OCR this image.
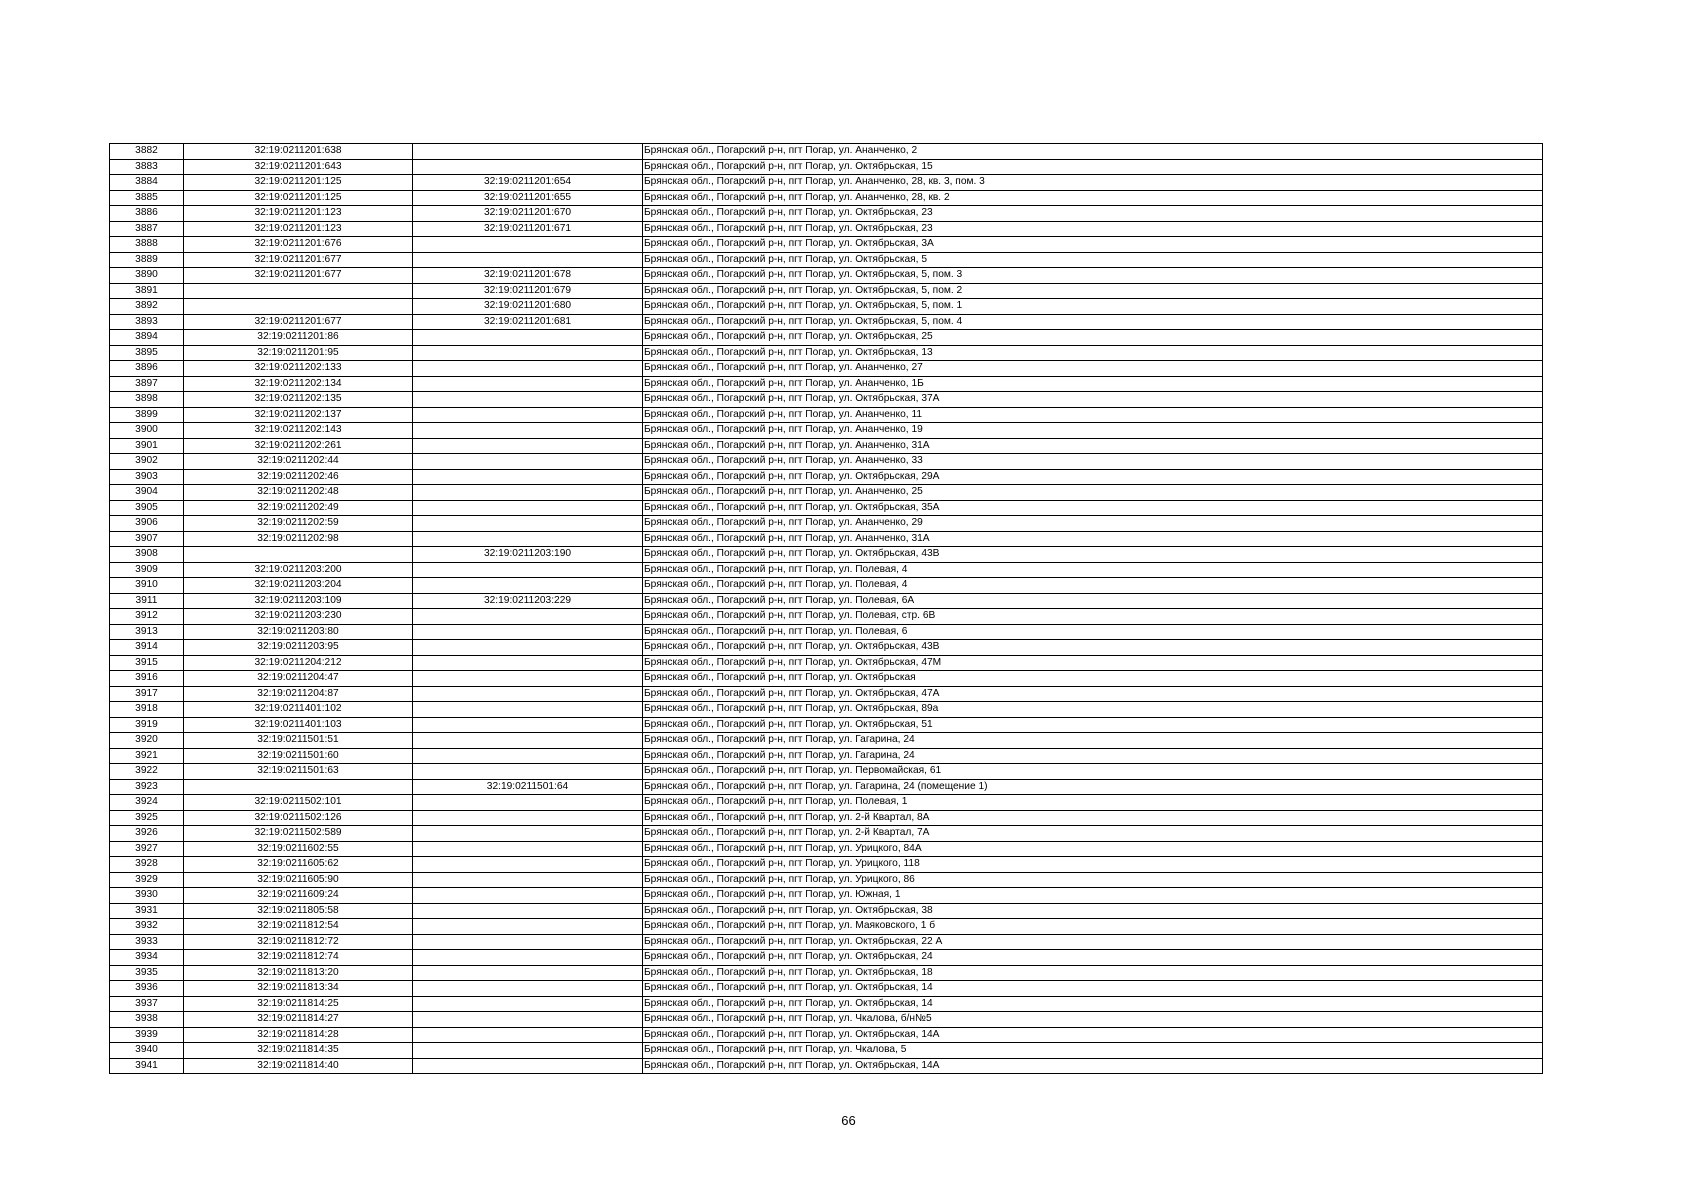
3882	32:19:0211201:638		Брянская обл., Погарский р-н, пгт Погар, ул. Ананченко, 2
3883	32:19:0211201:643		Брянская обл., Погарский р-н, пгт Погар, ул. Октябрьская, 15
3884	32:19:0211201:125	32:19:0211201:654	Брянская обл., Погарский р-н, пгт Погар, ул. Ананченко, 28, кв. 3, пом. 3
3885	32:19:0211201:125	32:19:0211201:655	Брянская обл., Погарский р-н, пгт Погар, ул. Ананченко, 28, кв. 2
3886	32:19:0211201:123	32:19:0211201:670	Брянская обл., Погарский р-н, пгт Погар, ул. Октябрьская, 23
3887	32:19:0211201:123	32:19:0211201:671	Брянская обл., Погарский р-н, пгт Погар, ул. Октябрьская, 23
3888	32:19:0211201:676		Брянская обл., Погарский р-н, пгт Погар, ул. Октябрьская, 3А
3889	32:19:0211201:677		Брянская обл., Погарский р-н, пгт Погар, ул. Октябрьская, 5
3890	32:19:0211201:677	32:19:0211201:678	Брянская обл., Погарский р-н, пгт Погар, ул. Октябрьская, 5, пом. 3
3891		32:19:0211201:679	Брянская обл., Погарский р-н, пгт Погар, ул. Октябрьская, 5, пом. 2
3892		32:19:0211201:680	Брянская обл., Погарский р-н, пгт Погар, ул. Октябрьская, 5, пом. 1
3893	32:19:0211201:677	32:19:0211201:681	Брянская обл., Погарский р-н, пгт Погар, ул. Октябрьская, 5, пом. 4
3894	32:19:0211201:86		Брянская обл., Погарский р-н, пгт Погар, ул. Октябрьская, 25
3895	32:19:0211201:95		Брянская обл., Погарский р-н, пгт Погар, ул. Октябрьская, 13
3896	32:19:0211202:133		Брянская обл., Погарский р-н, пгт Погар, ул. Ананченко, 27
3897	32:19:0211202:134		Брянская обл., Погарский р-н, пгт Погар, ул. Ананченко, 1Б
3898	32:19:0211202:135		Брянская обл., Погарский р-н, пгт Погар, ул. Октябрьская, 37А
3899	32:19:0211202:137		Брянская обл., Погарский р-н, пгт Погар, ул. Ананченко, 11
3900	32:19:0211202:143		Брянская обл., Погарский р-н, пгт Погар, ул. Ананченко, 19
3901	32:19:0211202:261		Брянская обл., Погарский р-н, пгт Погар, ул. Ананченко, 31А
3902	32:19:0211202:44		Брянская обл., Погарский р-н, пгт Погар, ул. Ананченко, 33
3903	32:19:0211202:46		Брянская обл., Погарский р-н, пгт Погар, ул. Октябрьская, 29А
3904	32:19:0211202:48		Брянская обл., Погарский р-н, пгт Погар, ул. Ананченко, 25
3905	32:19:0211202:49		Брянская обл., Погарский р-н, пгт Погар, ул. Октябрьская, 35А
3906	32:19:0211202:59		Брянская обл., Погарский р-н, пгт Погар, ул. Ананченко, 29
3907	32:19:0211202:98		Брянская обл., Погарский р-н, пгт Погар, ул. Ананченко, 31А
3908		32:19:0211203:190	Брянская обл., Погарский р-н, пгт Погар, ул. Октябрьская, 43В
3909	32:19:0211203:200		Брянская обл., Погарский р-н, пгт Погар, ул. Полевая, 4
3910	32:19:0211203:204		Брянская обл., Погарский р-н, пгт Погар, ул. Полевая, 4
3911	32:19:0211203:109	32:19:0211203:229	Брянская обл., Погарский р-н, пгт Погар, ул. Полевая, 6А
3912	32:19:0211203:230		Брянская обл., Погарский р-н, пгт Погар, ул. Полевая, стр. 6В
3913	32:19:0211203:80		Брянская обл., Погарский р-н, пгт Погар, ул. Полевая, 6
3914	32:19:0211203:95		Брянская обл., Погарский р-н, пгт Погар, ул. Октябрьская, 43В
3915	32:19:0211204:212		Брянская обл., Погарский р-н, пгт Погар, ул. Октябрьская, 47М
3916	32:19:0211204:47		Брянская обл., Погарский р-н, пгт Погар, ул. Октябрьская
3917	32:19:0211204:87		Брянская обл., Погарский р-н, пгт Погар, ул. Октябрьская, 47А
3918	32:19:0211401:102		Брянская обл., Погарский р-н, пгт Погар, ул. Октябрьская, 89а
3919	32:19:0211401:103		Брянская обл., Погарский р-н, пгт Погар, ул. Октябрьская, 51
3920	32:19:0211501:51		Брянская обл., Погарский р-н, пгт Погар, ул. Гагарина, 24
3921	32:19:0211501:60		Брянская обл., Погарский р-н, пгт Погар, ул. Гагарина, 24
3922	32:19:0211501:63		Брянская обл., Погарский р-н, пгт Погар, ул. Первомайская, 61
3923		32:19:0211501:64	Брянская обл., Погарский р-н, пгт Погар, ул. Гагарина, 24 (помещение 1)
3924	32:19:0211502:101		Брянская обл., Погарский р-н, пгт Погар, ул. Полевая, 1
3925	32:19:0211502:126		Брянская обл., Погарский р-н, пгт Погар, ул. 2-й Квартал, 8А
3926	32:19:0211502:589		Брянская обл., Погарский р-н, пгт Погар, ул. 2-й Квартал, 7А
3927	32:19:0211602:55		Брянская обл., Погарский р-н, пгт Погар, ул. Урицкого, 84А
3928	32:19:0211605:62		Брянская обл., Погарский р-н, пгт Погар, ул. Урицкого, 118
3929	32:19:0211605:90		Брянская обл., Погарский р-н, пгт Погар, ул. Урицкого, 86
3930	32:19:0211609:24		Брянская обл., Погарский р-н, пгт Погар, ул. Южная, 1
3931	32:19:0211805:58		Брянская обл., Погарский р-н, пгт Погар, ул. Октябрьская, 38
3932	32:19:0211812:54		Брянская обл., Погарский р-н, пгт Погар, ул. Маяковского, 1 б
3933	32:19:0211812:72		Брянская обл., Погарский р-н, пгт Погар, ул. Октябрьская, 22 А
3934	32:19:0211812:74		Брянская обл., Погарский р-н, пгт Погар, ул. Октябрьская, 24
3935	32:19:0211813:20		Брянская обл., Погарский р-н, пгт Погар, ул. Октябрьская, 18
3936	32:19:0211813:34		Брянская обл., Погарский р-н, пгт Погар, ул. Октябрьская, 14
3937	32:19:0211814:25		Брянская обл., Погарский р-н, пгт Погар, ул. Октябрьская, 14
3938	32:19:0211814:27		Брянская обл., Погарский р-н, пгт Погар, ул. Чкалова, б/н№5
3939	32:19:0211814:28		Брянская обл., Погарский р-н, пгт Погар, ул. Октябрьская, 14А
3940	32:19:0211814:35		Брянская обл., Погарский р-н, пгт Погар, ул. Чкалова, 5
3941	32:19:0211814:40		Брянская обл., Погарский р-н, пгт Погар, ул. Октябрьская, 14А
66
